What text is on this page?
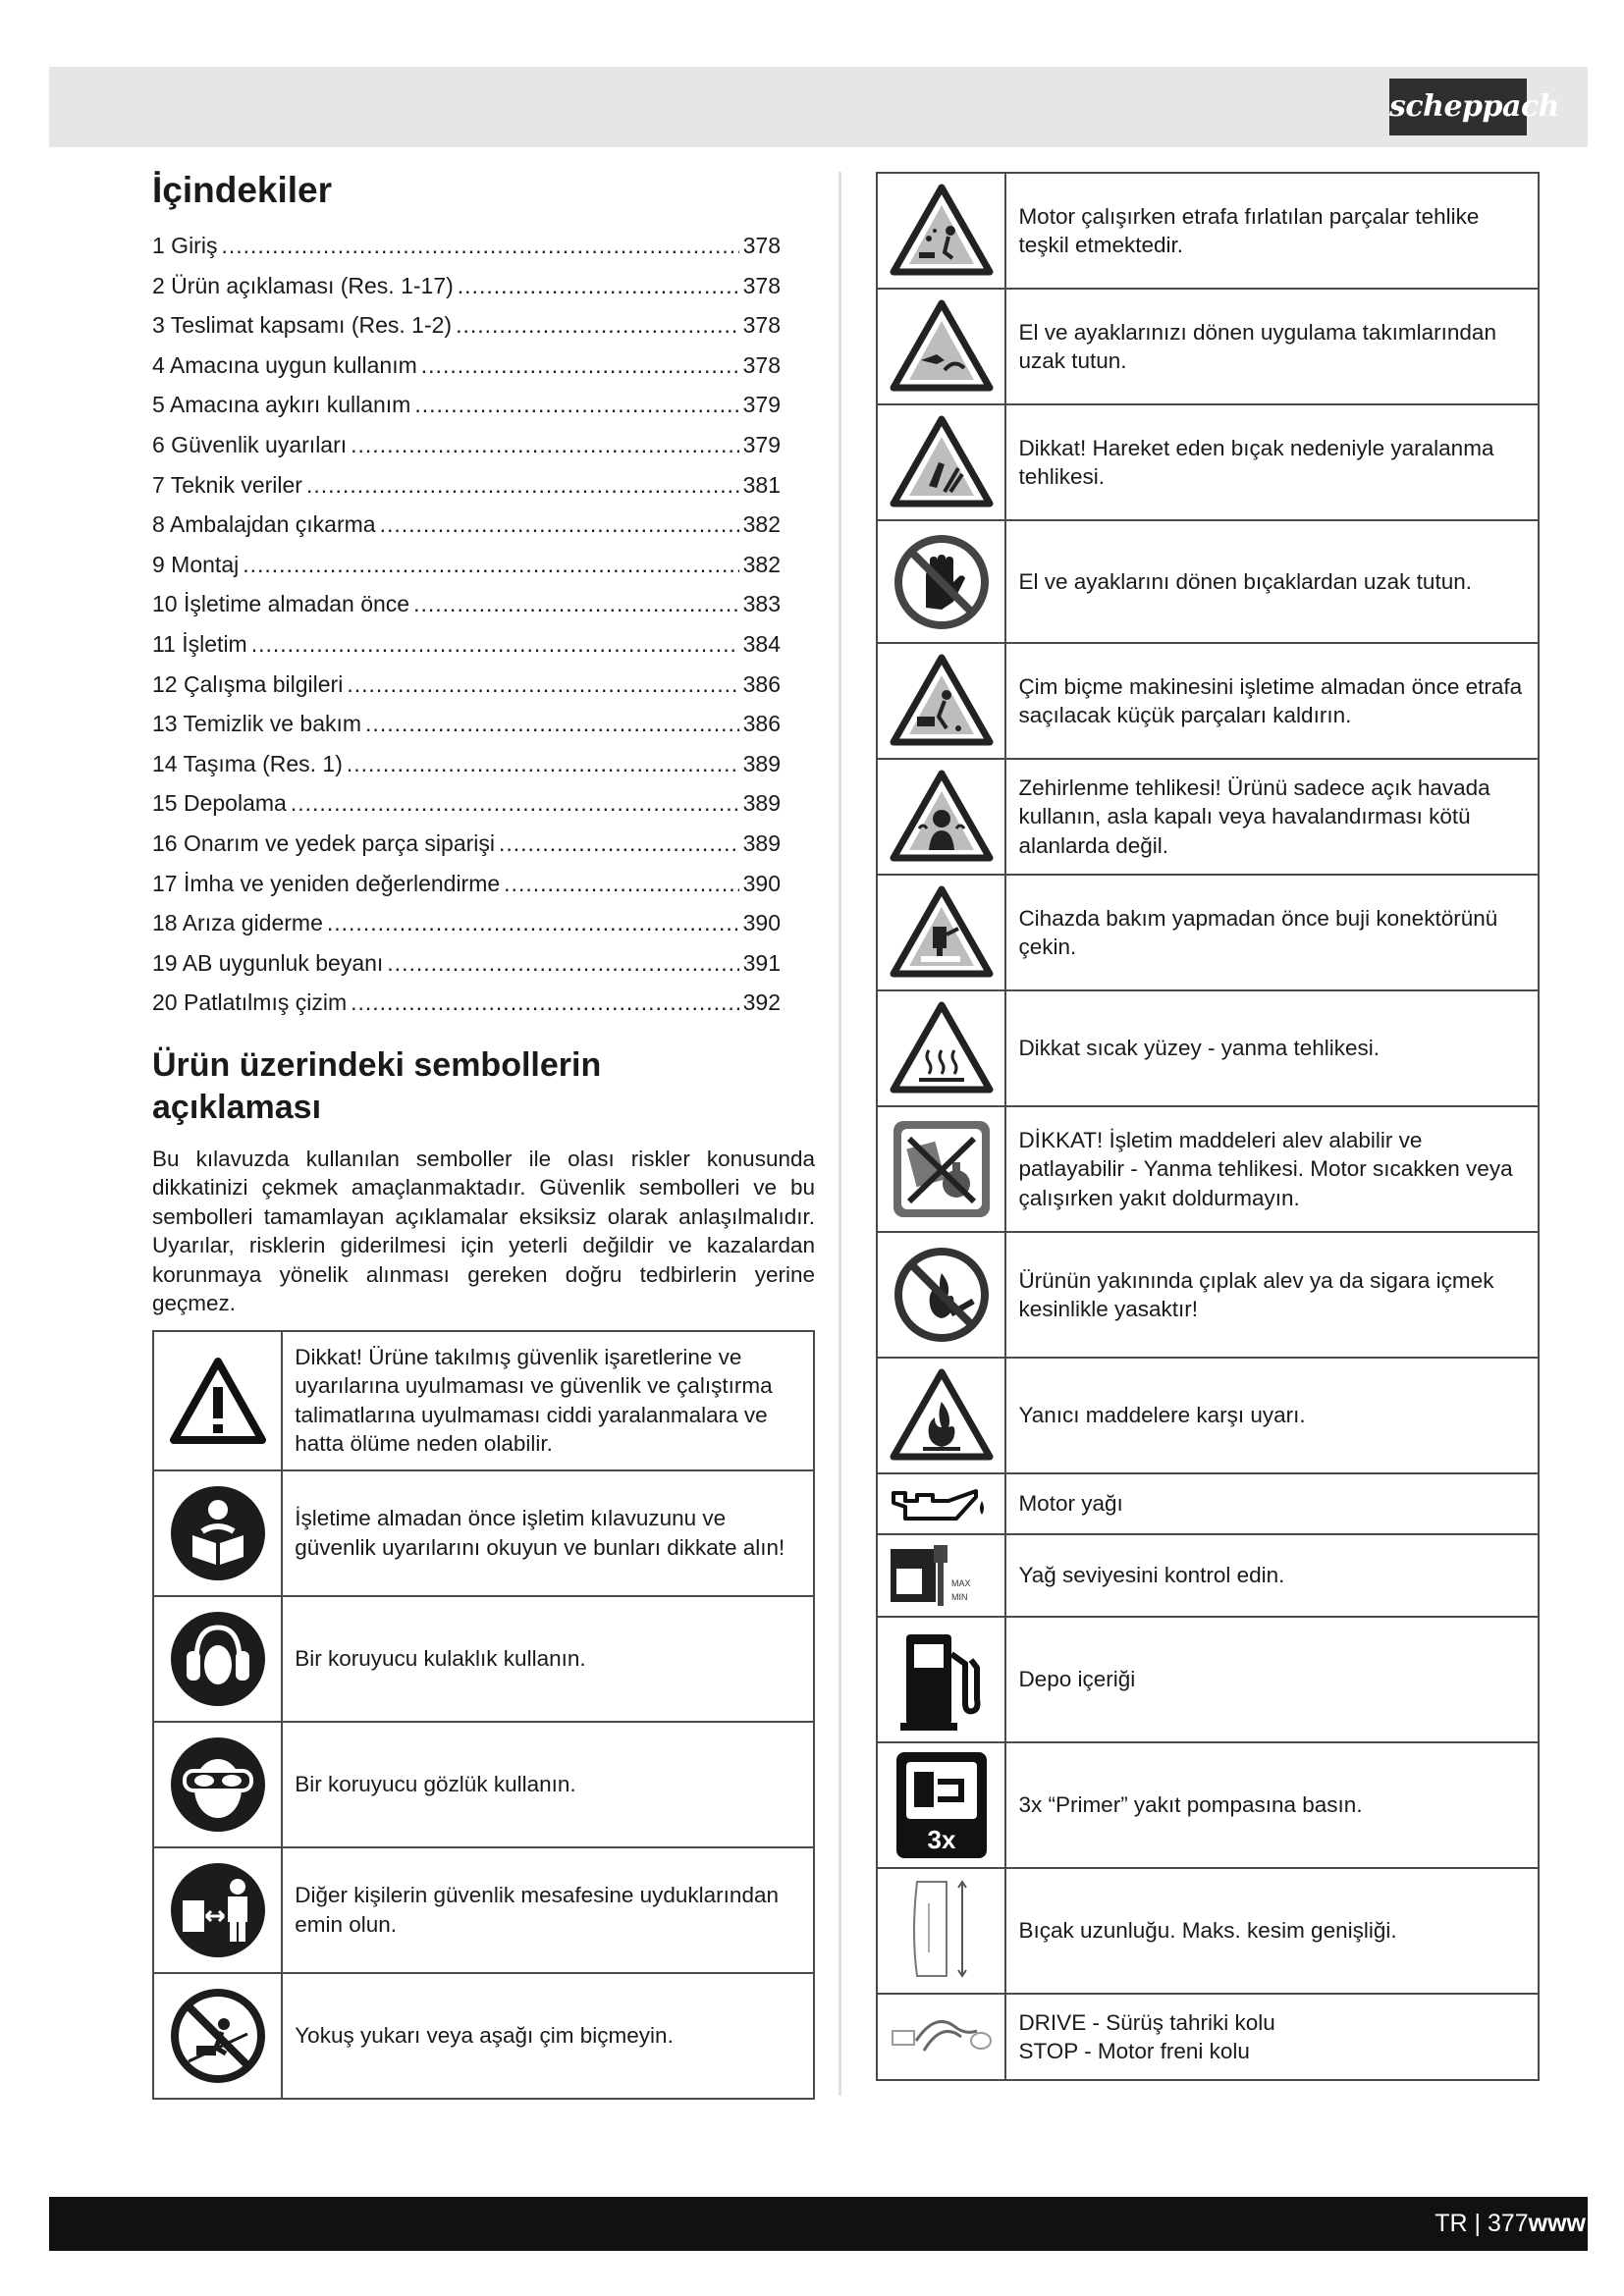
scheppach
İçindekiler
1 Giriş .....	378
2 Ürün açıklaması (Res. 1-17) .....	378
3 Teslimat kapsamı (Res. 1-2) .....	378
4 Amacına uygun kullanım .....	378
5 Amacına aykırı kullanım .....	379
6 Güvenlik uyarıları .....	379
7 Teknik veriler .....	381
8 Ambalajdan çıkarma .....	382
9 Montaj .....	382
10 İşletime almadan önce .....	383
11 İşletim .....	384
12 Çalışma bilgileri .....	386
13 Temizlik ve bakım .....	386
14 Taşıma (Res. 1) .....	389
15 Depolama .....	389
16 Onarım ve yedek parça siparişi .....	389
17 İmha ve yeniden değerlendirme .....	390
18 Arıza giderme .....	390
19 AB uygunluk beyanı .....	391
20 Patlatılmış çizim .....	392
Ürün üzerindeki sembollerin açıklaması

Bu kılavuzda kullanılan semboller ile olası riskler konusunda dikkatinizi çekmek amaçlanmaktadır. Güvenlik sembolleri ve bu sembolleri tamamlayan açıklamalar eksiksiz olarak anlaşılmalıdır. Uyarılar, risklerin giderilmesi için yeterli değildir ve kazalardan korunmaya yönelik alınması gereken doğru tedbirlerin yerine geçmez.

	Dikkat! Ürüne takılmış güvenlik işaretlerine ve uyarılarına uyulmaması ve güvenlik ve çalıştırma talimatlarına uyulmaması ciddi yaralanmalara ve hatta ölüme neden olabilir.

	İşletime almadan önce işletim kılavuzunu ve güvenlik uyarılarını okuyun ve bunları dikkate alın!

	Bir koruyucu kulaklık kullanın.

	Bir koruyucu gözlük kullanın.

	Diğer kişilerin güvenlik mesafesine uyduklarından emin olun.

	Yokuş yukarı veya aşağı çim biçmeyin.
	Motor çalışırken etrafa fırlatılan parçalar tehlike teşkil etmektedir.

	El ve ayaklarınızı dönen uygulama takımlarından uzak tutun.

	Dikkat! Hareket eden bıçak nedeniyle yaralanma tehlikesi.

	El ve ayaklarını dönen bıçaklardan uzak tutun.

	Çim biçme makinesini işletime almadan önce etrafa saçılacak küçük parçaları kaldırın.

	Zehirlenme tehlikesi! Ürünü sadece açık havada kullanın, asla kapalı veya havalandırması kötü alanlarda değil.

	Cihazda bakım yapmadan önce buji konektörünü çekin.

	Dikkat sıcak yüzey - yanma tehlikesi.

	DİKKAT! İşletim maddeleri alev alabilir ve patlayabilir - Yanma tehlikesi. Motor sıcakken veya çalışırken yakıt doldurmayın.

	Ürünün yakınında çıplak alev ya da sigara içmek kesinlikle yasaktır!

	Yanıcı maddelere karşı uyarı.

	Motor yağı

MAX
MIN	Yağ seviyesini kontrol edin.

	Depo içeriği

3x	3x “Primer” yakıt pompasına basın.

	Bıçak uzunluğu. Maks. kesim genişliği.

DRIVE - Sürüş tahriki kolu
STOP - Motor freni kolu
TR | 377www
